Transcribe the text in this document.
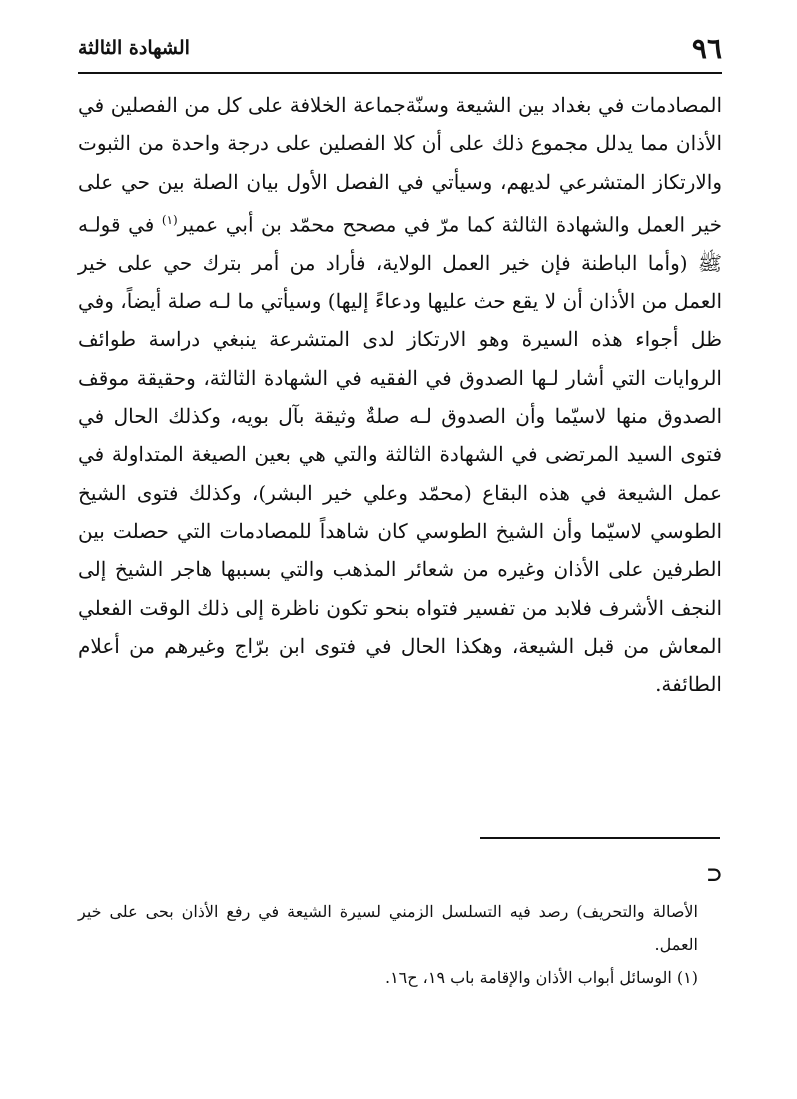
٩٦
الشهادة الثالثة

المصادمات في بغداد بين الشيعة وسنّةجماعة الخلافة على كل من الفصلين في الأذان مما يدلل مجموع ذلك على أن كلا الفصلين على درجة واحدة من الثبوت والارتكاز المتشرعي لديهم، وسيأتي في الفصل الأول بيان الصلة بين حي على خير العمل والشهادة الثالثة كما مرّ في مصحح محمّد بن أبي عمير$^{(١)}$ في قولـه ﷺ (وأما الباطنة فإن خير العمل الولاية، فأراد من أمر بترك حي على خير العمل من الأذان أن لا يقع حث عليها ودعاءً إليها) وسيأتي ما لـه صلة أيضاً، وفي ظل أجواء هذه السيرة وهو الارتكاز لدى المتشرعة ينبغي دراسة طوائف الروايات التي أشار لـها الصدوق في الفقيه في الشهادة الثالثة، وحقيقة موقف الصدوق منها لاسيّما وأن الصدوق لـه صلةٌ وثيقة بآل بويه، وكذلك الحال في فتوى السيد المرتضى في الشهادة الثالثة والتي هي بعين الصيغة المتداولة في عمل الشيعة في هذه البقاع (محمّد وعلي خير البشر)، وكذلك فتوى الشيخ الطوسي لاسيّما وأن الشيخ الطوسي كان شاهداً للمصادمات التي حصلت بين الطرفين على الأذان وغيره من شعائر المذهب والتي بسببها هاجر الشيخ إلى النجف الأشرف فلابد من تفسير فتواه بنحو تكون ناظرة إلى ذلك الوقت الفعلي المعاش من قبل الشيعة، وهكذا الحال في فتوى ابن برّاج وغيرهم من أعلام الطائفة.

⊃

الأصالة والتحريف) رصد فيه التسلسل الزمني لسيرة الشيعة في رفع الأذان بحى على خير العمل.

(١) الوسائل أبواب الأذان والإقامة باب ١٩، ح١٦.
